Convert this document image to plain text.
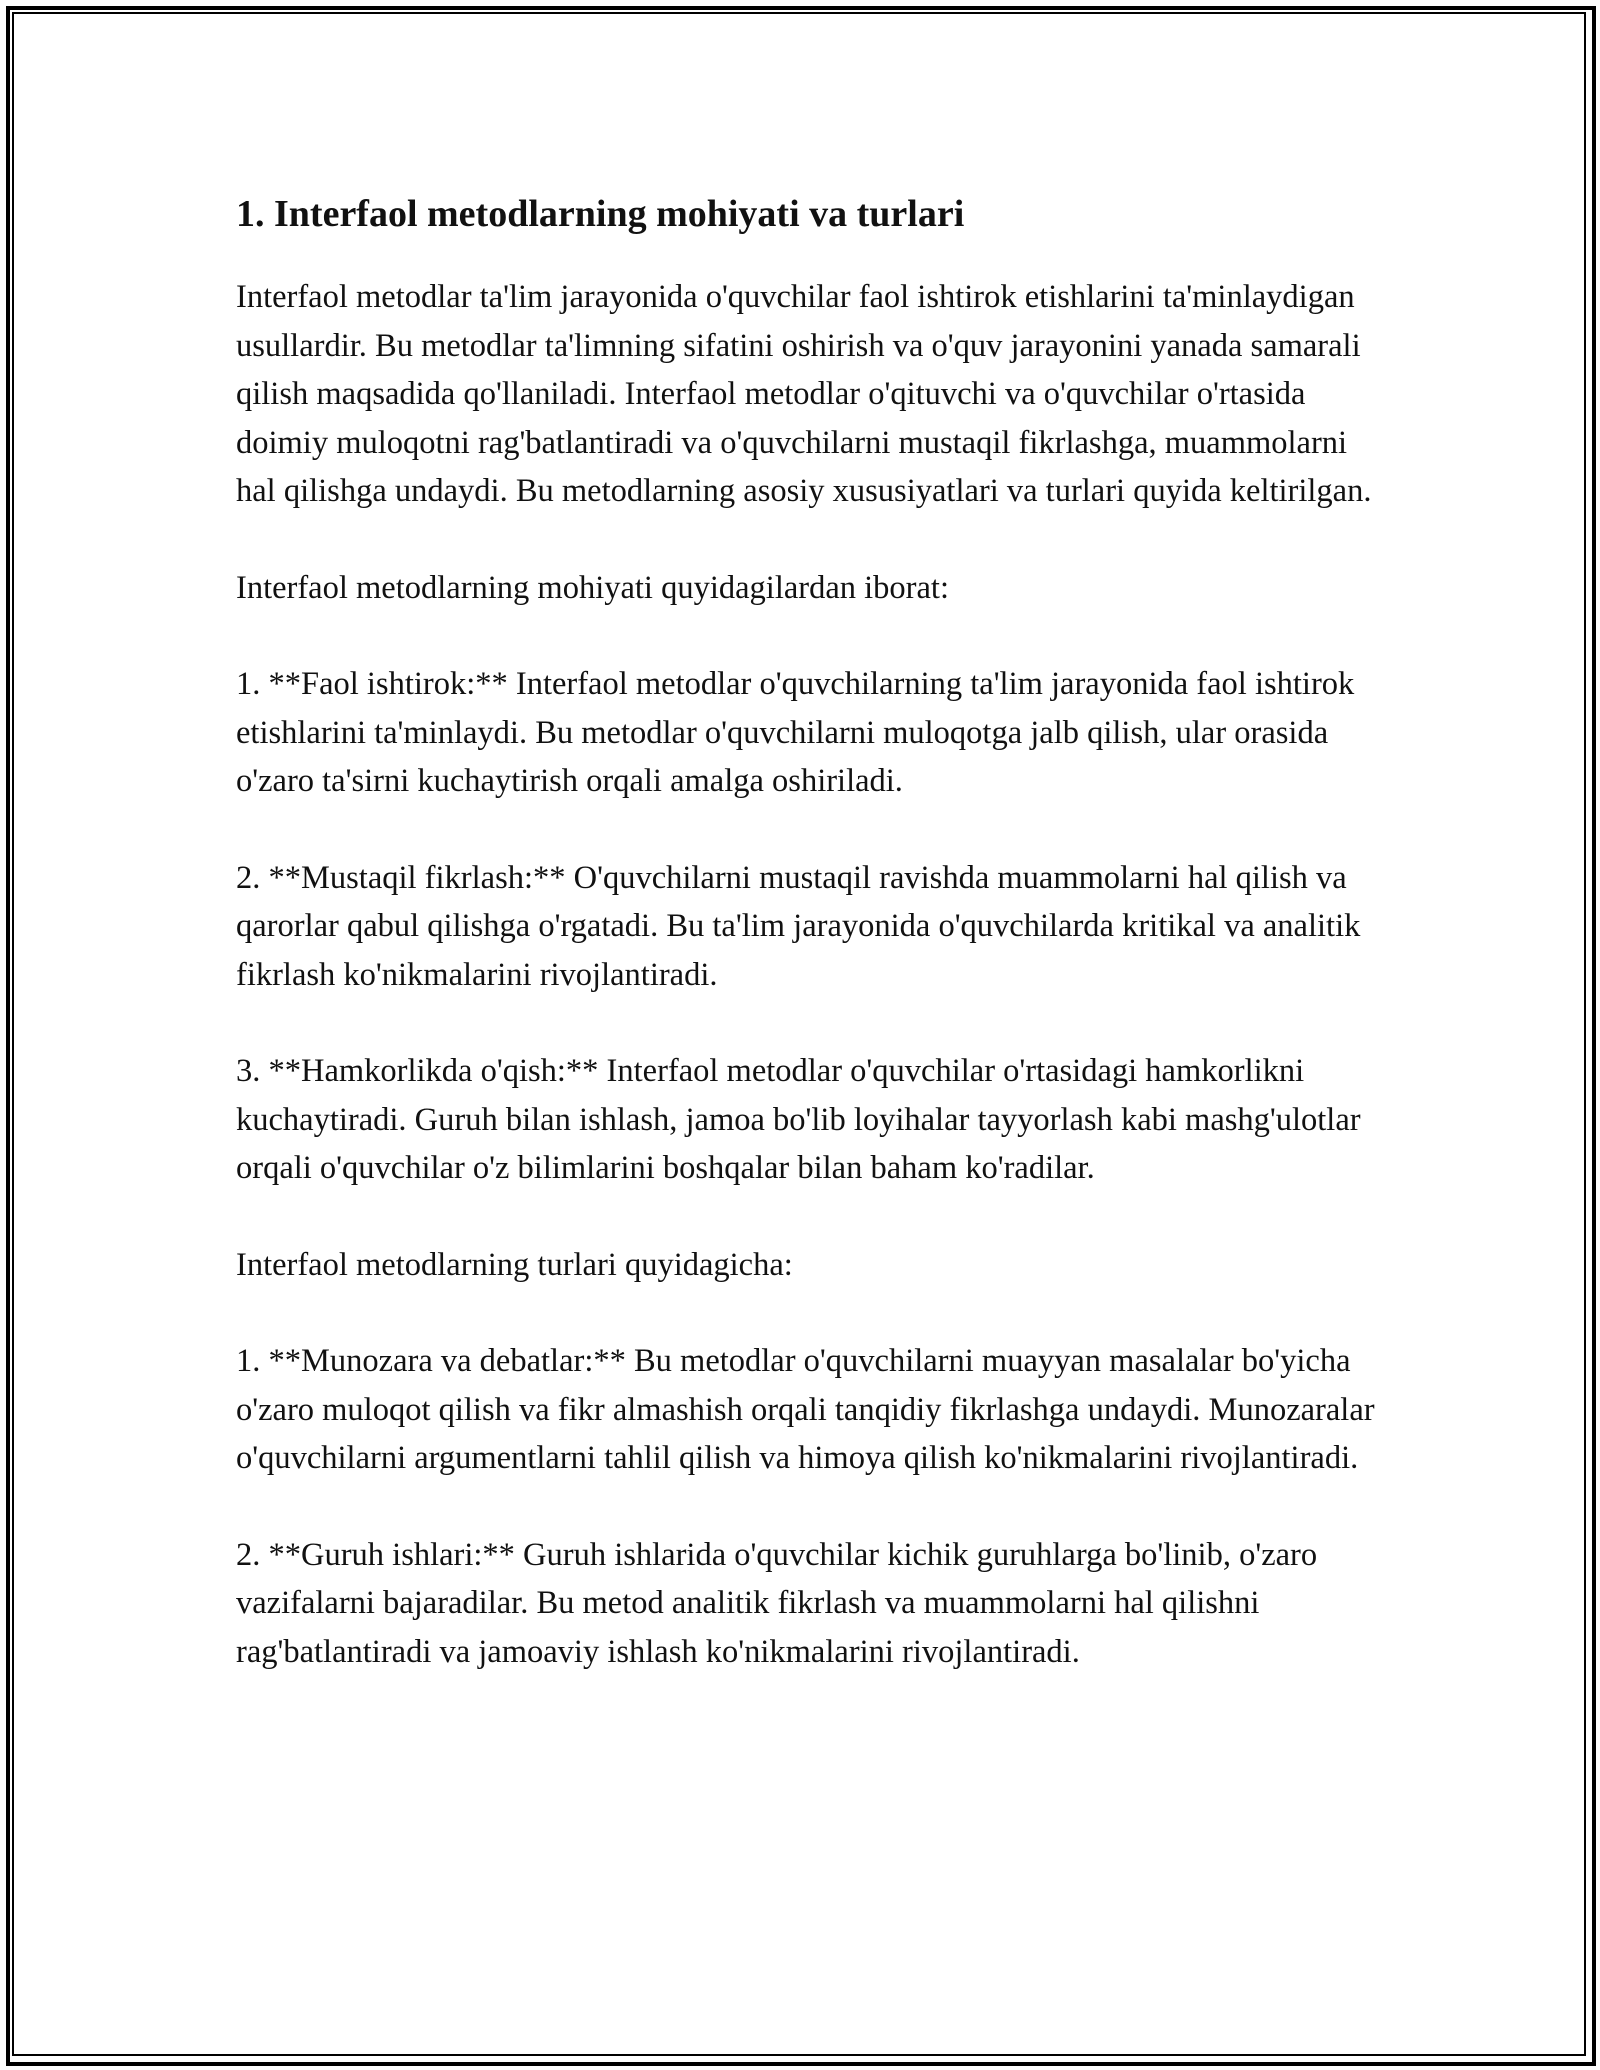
1. Interfaol metodlarning mohiyati va turlari

Interfaol metodlar ta'lim jarayonida o'quvchilar faol ishtirok etishlarini ta'minlaydigan usullardir. Bu metodlar ta'limning sifatini oshirish va o'quv jarayonini yanada samarali qilish maqsadida qo'llaniladi. Interfaol metodlar o'qituvchi va o'quvchilar o'rtasida doimiy muloqotni rag'batlantiradi va o'quvchilarni mustaqil fikrlashga, muammolarni hal qilishga undaydi. Bu metodlarning asosiy xususiyatlari va turlari quyida keltirilgan.

Interfaol metodlarning mohiyati quyidagilardan iborat:

1. **Faol ishtirok:** Interfaol metodlar o'quvchilarning ta'lim jarayonida faol ishtirok etishlarini ta'minlaydi. Bu metodlar o'quvchilarni muloqotga jalb qilish, ular orasida o'zaro ta'sirni kuchaytirish orqali amalga oshiriladi.

2. **Mustaqil fikrlash:** O'quvchilarni mustaqil ravishda muammolarni hal qilish va qarorlar qabul qilishga o'rgatadi. Bu ta'lim jarayonida o'quvchilarda kritikal va analitik fikrlash ko'nikmalarini rivojlantiradi.

3. **Hamkorlikda o'qish:** Interfaol metodlar o'quvchilar o'rtasidagi hamkorlikni kuchaytiradi. Guruh bilan ishlash, jamoa bo'lib loyihalar tayyorlash kabi mashg'ulotlar orqali o'quvchilar o'z bilimlarini boshqalar bilan baham ko'radilar.

Interfaol metodlarning turlari quyidagicha:

1. **Munozara va debatlar:** Bu metodlar o'quvchilarni muayyan masalalar bo'yicha o'zaro muloqot qilish va fikr almashish orqali tanqidiy fikrlashga undaydi. Munozaralar o'quvchilarni argumentlarni tahlil qilish va himoya qilish ko'nikmalarini rivojlantiradi.

2. **Guruh ishlari:** Guruh ishlarida o'quvchilar kichik guruhlarga bo'linib, o'zaro vazifalarni bajaradilar. Bu metod analitik fikrlash va muammolarni hal qilishni rag'batlantiradi va jamoaviy ishlash ko'nikmalarini rivojlantiradi.
